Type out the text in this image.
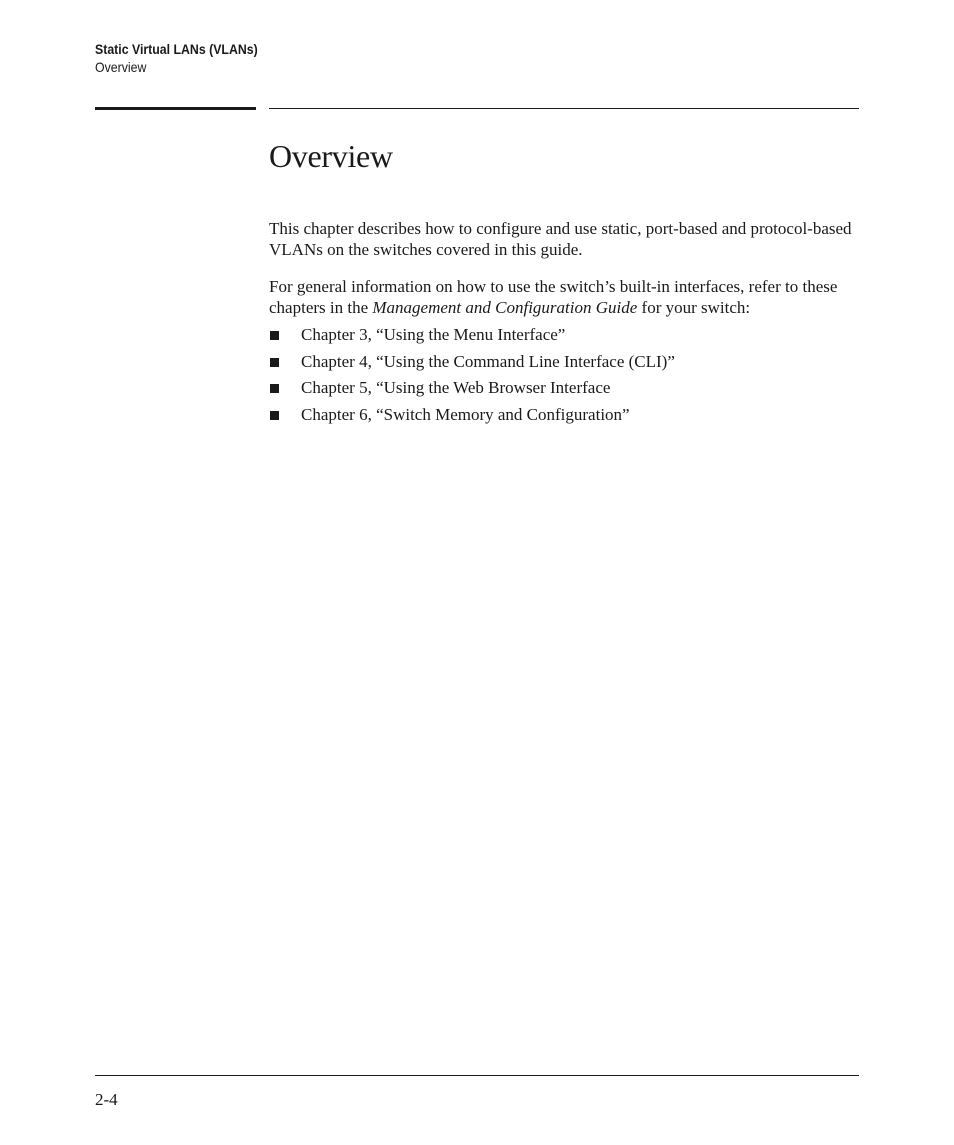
Static Virtual LANs (VLANs)
Overview
Overview

This chapter describes how to configure and use static, port-based and protocol-based VLANs on the switches covered in this guide.

For general information on how to use the switch’s built-in interfaces, refer to these chapters in the Management and Configuration Guide for your switch:

Chapter 3, “Using the Menu Interface”
Chapter 4, “Using the Command Line Interface (CLI)”
Chapter 5, “Using the Web Browser Interface
Chapter 6, “Switch Memory and Configuration”
2-4
